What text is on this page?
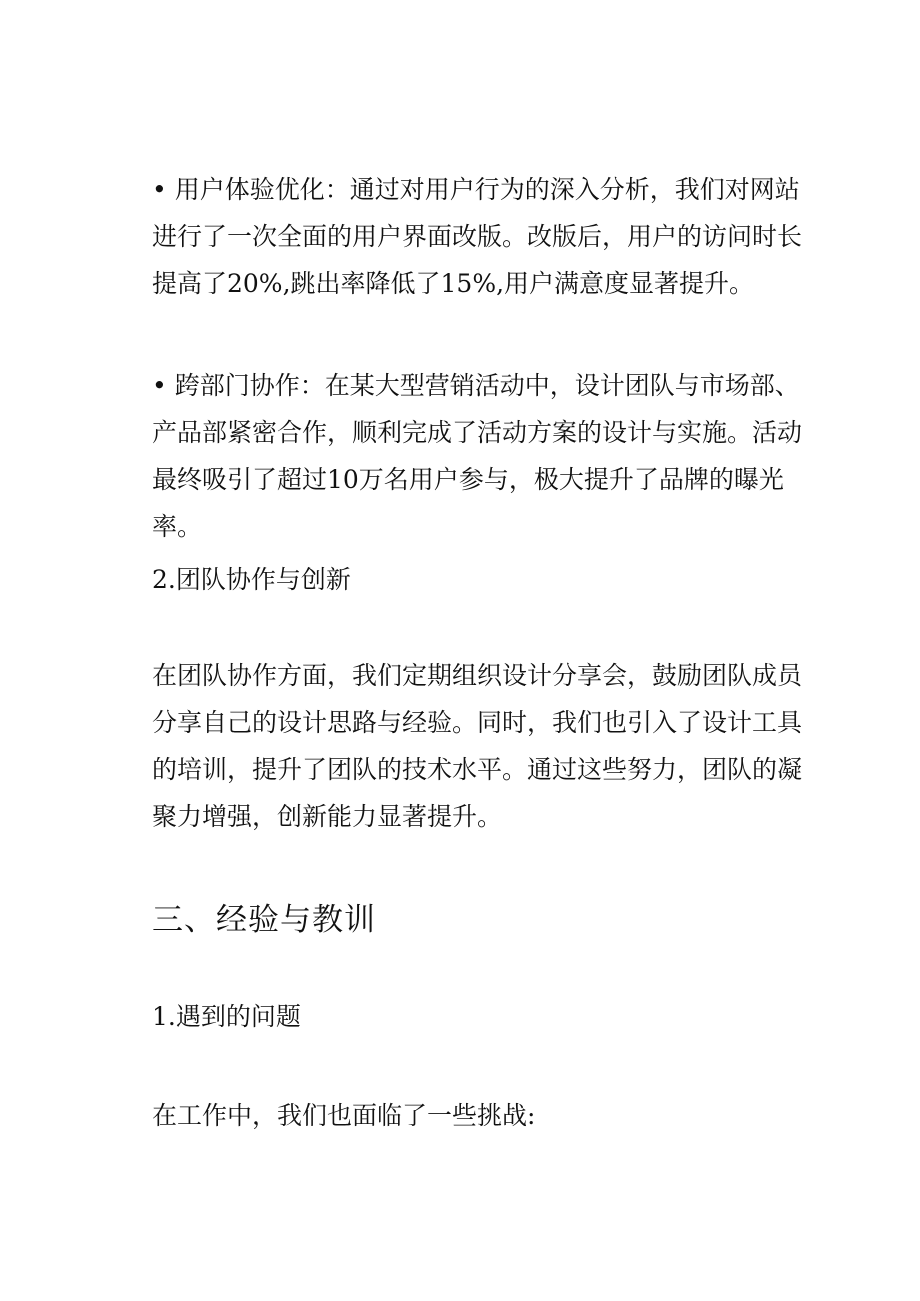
• 用户体验优化：通过对用户行为的深入分析，我们对网站进行了一次全面的用户界面改版。改版后，用户的访问时长提高了20%,跳出率降低了15%,用户满意度显著提升。

• 跨部门协作：在某大型营销活动中，设计团队与市场部、产品部紧密合作，顺利完成了活动方案的设计与实施。活动最终吸引了超过10万名用户参与，极大提升了品牌的曝光率。

2.团队协作与创新

在团队协作方面，我们定期组织设计分享会，鼓励团队成员分享自己的设计思路与经验。同时，我们也引入了设计工具的培训，提升了团队的技术水平。通过这些努力，团队的凝聚力增强，创新能力显著提升。

三、经验与教训

1.遇到的问题

在工作中，我们也面临了一些挑战:
